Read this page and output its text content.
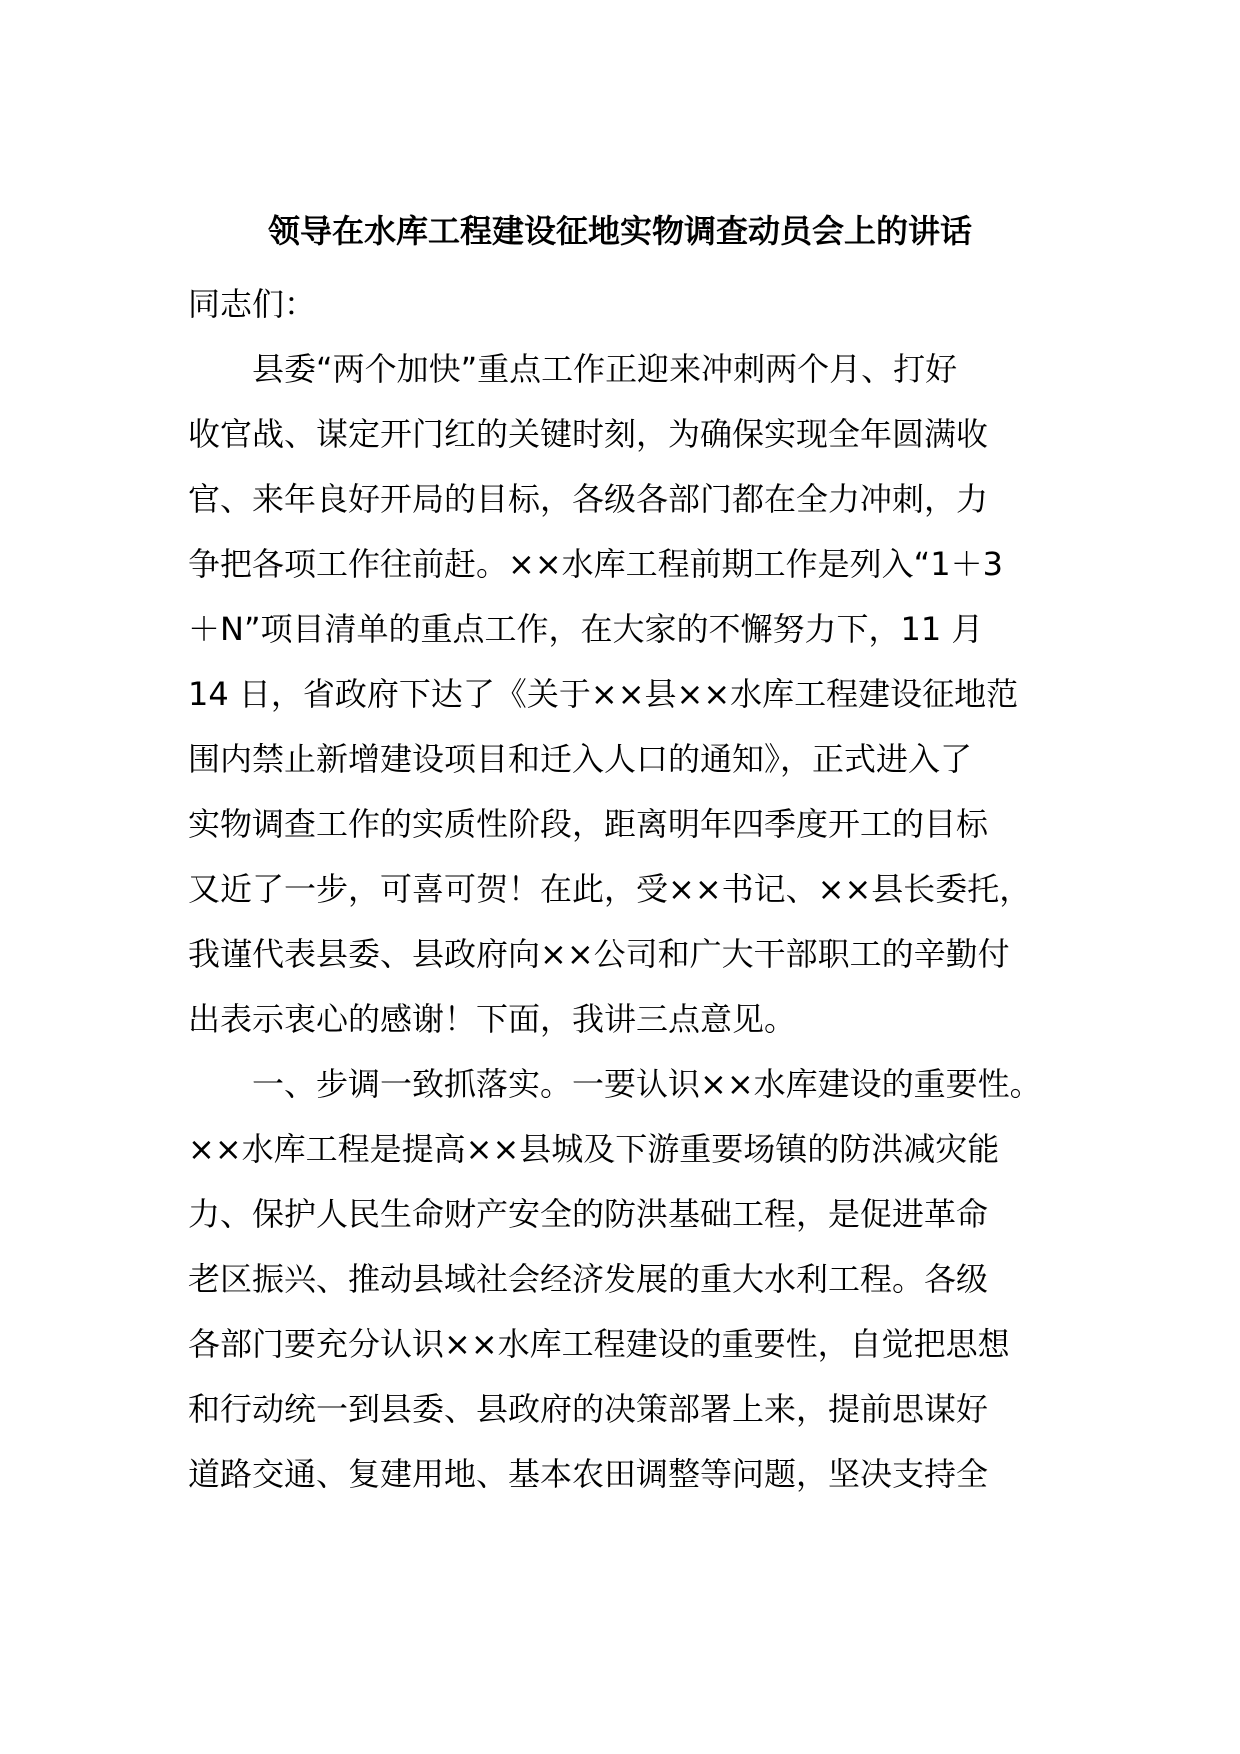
领导在水库工程建设征地实物调查动员会上的讲话

同志们：

县委“两个加快”重点工作正迎来冲刺两个月、打好
收官战、谋定开门红的关键时刻，为确保实现全年圆满收
官、来年良好开局的目标，各级各部门都在全力冲刺，力
争把各项工作往前赶。××水库工程前期工作是列入“1＋3
＋N”项目清单的重点工作，在大家的不懈努力下，11 月
14 日，省政府下达了《关于××县××水库工程建设征地范
围内禁止新增建设项目和迁入人口的通知》，正式进入了
实物调查工作的实质性阶段，距离明年四季度开工的目标
又近了一步，可喜可贺！在此，受××书记、××县长委托，
我谨代表县委、县政府向××公司和广大干部职工的辛勤付
出表示衷心的感谢！下面，我讲三点意见。
一、步调一致抓落实。一要认识××水库建设的重要性。
××水库工程是提高××县城及下游重要场镇的防洪减灾能
力、保护人民生命财产安全的防洪基础工程，是促进革命
老区振兴、推动县域社会经济发展的重大水利工程。各级
各部门要充分认识××水库工程建设的重要性，自觉把思想
和行动统一到县委、县政府的决策部署上来，提前思谋好
道路交通、复建用地、基本农田调整等问题，坚决支持全
